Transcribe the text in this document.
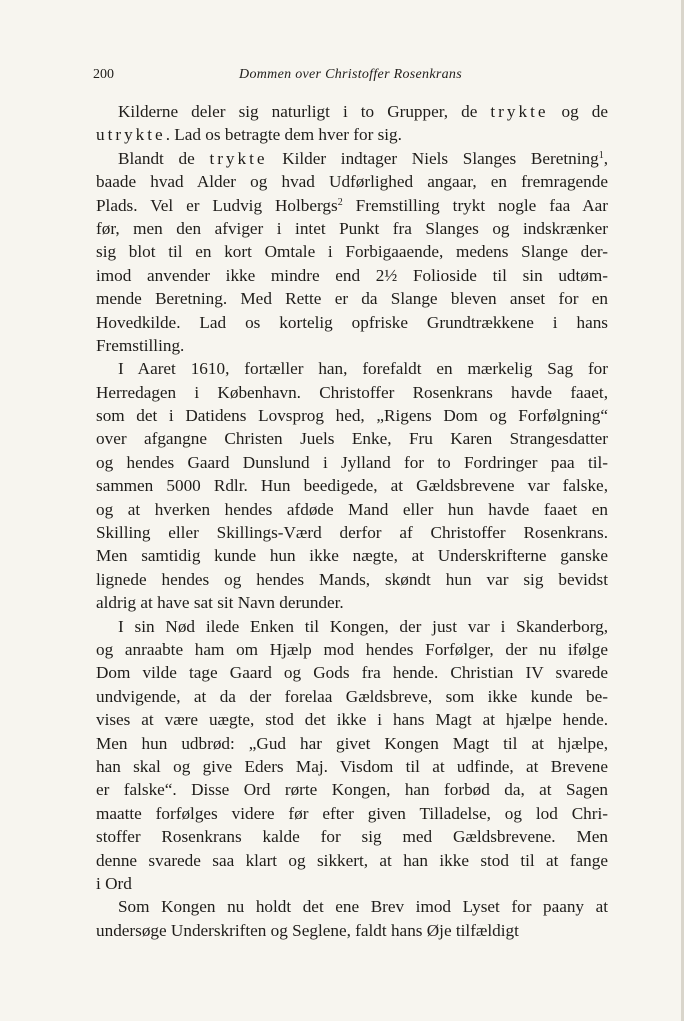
200	Dommen over Christoffer Rosenkrans
Kilderne deler sig naturligt i to Grupper, de trykte og de
utrykte. Lad os betragte dem hver for sig.
Blandt de trykte Kilder indtager Niels Slanges Beretning$^1$,
baade hvad Alder og hvad Udførlighed angaar, en fremragende
Plads. Vel er Ludvig Holbergs$^2$ Fremstilling trykt nogle faa Aar
før, men den afviger i intet Punkt fra Slanges og indskrænker
sig blot til en kort Omtale i Forbigaaende, medens Slange der-
imod anvender ikke mindre end 2½ Folioside til sin udtøm-
mende Beretning. Med Rette er da Slange bleven anset for en
Hovedkilde. Lad os kortelig opfriske Grundtrækkene i hans
Fremstilling.
I Aaret 1610, fortæller han, forefaldt en mærkelig Sag for
Herredagen i København. Christoffer Rosenkrans havde faaet,
som det i Datidens Lovsprog hed, „Rigens Dom og Forfølgning“
over afgangne Christen Juels Enke, Fru Karen Strangesdatter
og hendes Gaard Dunslund i Jylland for to Fordringer paa til-
sammen 5000 Rdlr. Hun beedigede, at Gældsbrevene var falske,
og at hverken hendes afdøde Mand eller hun havde faaet en
Skilling eller Skillings-Værd derfor af Christoffer Rosenkrans.
Men samtidig kunde hun ikke nægte, at Underskrifterne ganske
lignede hendes og hendes Mands, skøndt hun var sig bevidst
aldrig at have sat sit Navn derunder.
I sin Nød ilede Enken til Kongen, der just var i Skanderborg,
og anraabte ham om Hjælp mod hendes Forfølger, der nu ifølge
Dom vilde tage Gaard og Gods fra hende. Christian IV svarede
undvigende, at da der forelaa Gældsbreve, som ikke kunde be-
vises at være uægte, stod det ikke i hans Magt at hjælpe hende.
Men hun udbrød: „Gud har givet Kongen Magt til at hjælpe,
han skal og give Eders Maj. Visdom til at udfinde, at Brevene
er falske“. Disse Ord rørte Kongen, han forbød da, at Sagen
maatte forfølges videre før efter given Tilladelse, og lod Chri-
stoffer Rosenkrans kalde for sig med Gældsbrevene. Men
denne svarede saa klart og sikkert, at han ikke stod til at fange
i Ord
Som Kongen nu holdt det ene Brev imod Lyset for paany at
undersøge Underskriften og Seglene, faldt hans Øje tilfældigt
